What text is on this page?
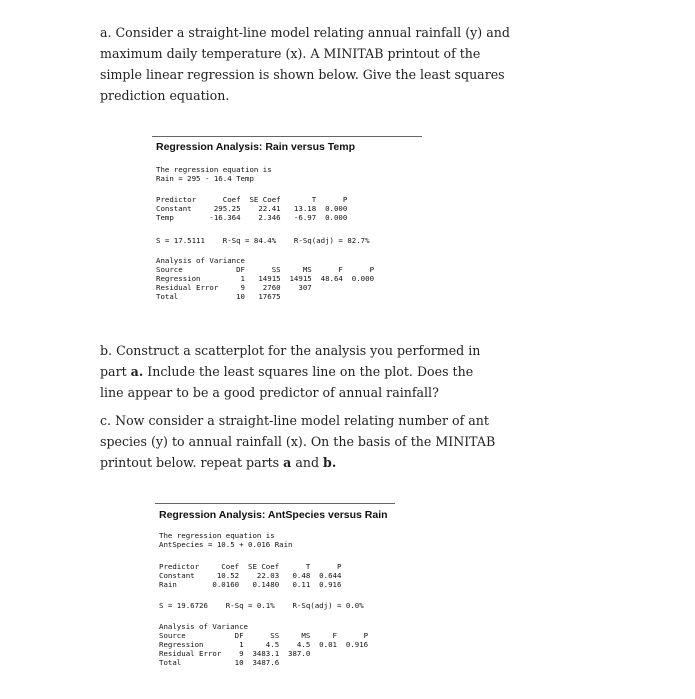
a. Consider a straight-line model relating annual rainfall (y) and maximum daily temperature (x). A MINITAB printout of the simple linear regression is shown below. Give the least squares prediction equation.
Regression Analysis: Rain versus Temp
The regression equation is
Rain = 295 - 16.4 Temp
Predictor      Coef  SE Coef       T      P
Constant     295.25    22.41   13.18  0.000
Temp        -16.364    2.346   -6.97  0.000
S = 17.5111    R-Sq = 84.4%    R-Sq(adj) = 82.7%
Analysis of Variance
Source            DF      SS     MS      F      P
Regression         1   14915  14915  48.64  0.000
Residual Error     9    2760    307
Total             10   17675
b. Construct a scatterplot for the analysis you performed in part a. Include the least squares line on the plot. Does the line appear to be a good predictor of annual rainfall?
c. Now consider a straight-line model relating number of ant species (y) to annual rainfall (x). On the basis of the MINITAB printout below. repeat parts a and b.
Regression Analysis: AntSpecies versus Rain
The regression equation is
AntSpecies = 10.5 + 0.016 Rain
Predictor     Coef  SE Coef      T      P
Constant     10.52    22.03   0.48  0.644
Rain        0.0160   0.1480   0.11  0.916
S = 19.6726    R-Sq = 0.1%    R-Sq(adj) = 0.0%
Analysis of Variance
Source           DF      SS     MS     F      P
Regression        1     4.5    4.5  0.01  0.916
Residual Error    9  3483.1  387.0
Total            10  3487.6
